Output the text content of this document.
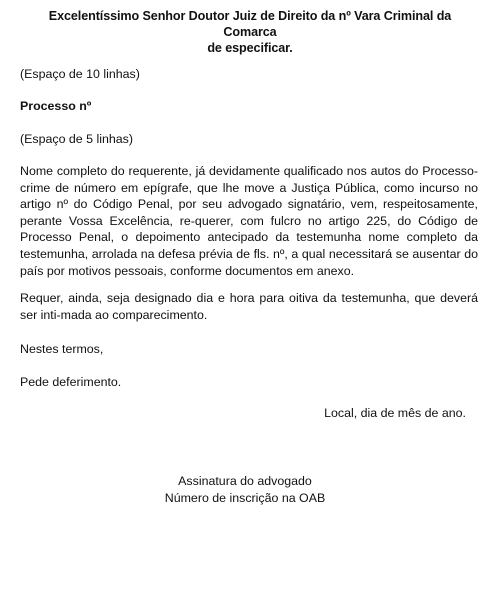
Excelentíssimo Senhor Doutor Juiz de Direito da nº Vara Criminal da Comarca
de especificar.
(Espaço de 10 linhas)
Processo nº
(Espaço de 5 linhas)
Nome completo do requerente, já devidamente qualificado nos autos do Processo-crime de número em epígrafe, que lhe move a Justiça Pública, como incurso no artigo nº do Código Penal, por seu advogado signatário, vem, respeitosamente, perante Vossa Excelência, re-querer, com fulcro no artigo 225, do Código de Processo Penal, o depoimento antecipado da testemunha nome completo da testemunha, arrolada na defesa prévia de fls. nº, a qual necessitará se ausentar do país por motivos pessoais, conforme documentos em anexo.
Requer, ainda, seja designado dia e hora para oitiva da testemunha, que deverá ser inti-mada ao comparecimento.
Nestes termos,
Pede deferimento.
Local, dia de mês de ano.
Assinatura do advogado
Número de inscrição na OAB
